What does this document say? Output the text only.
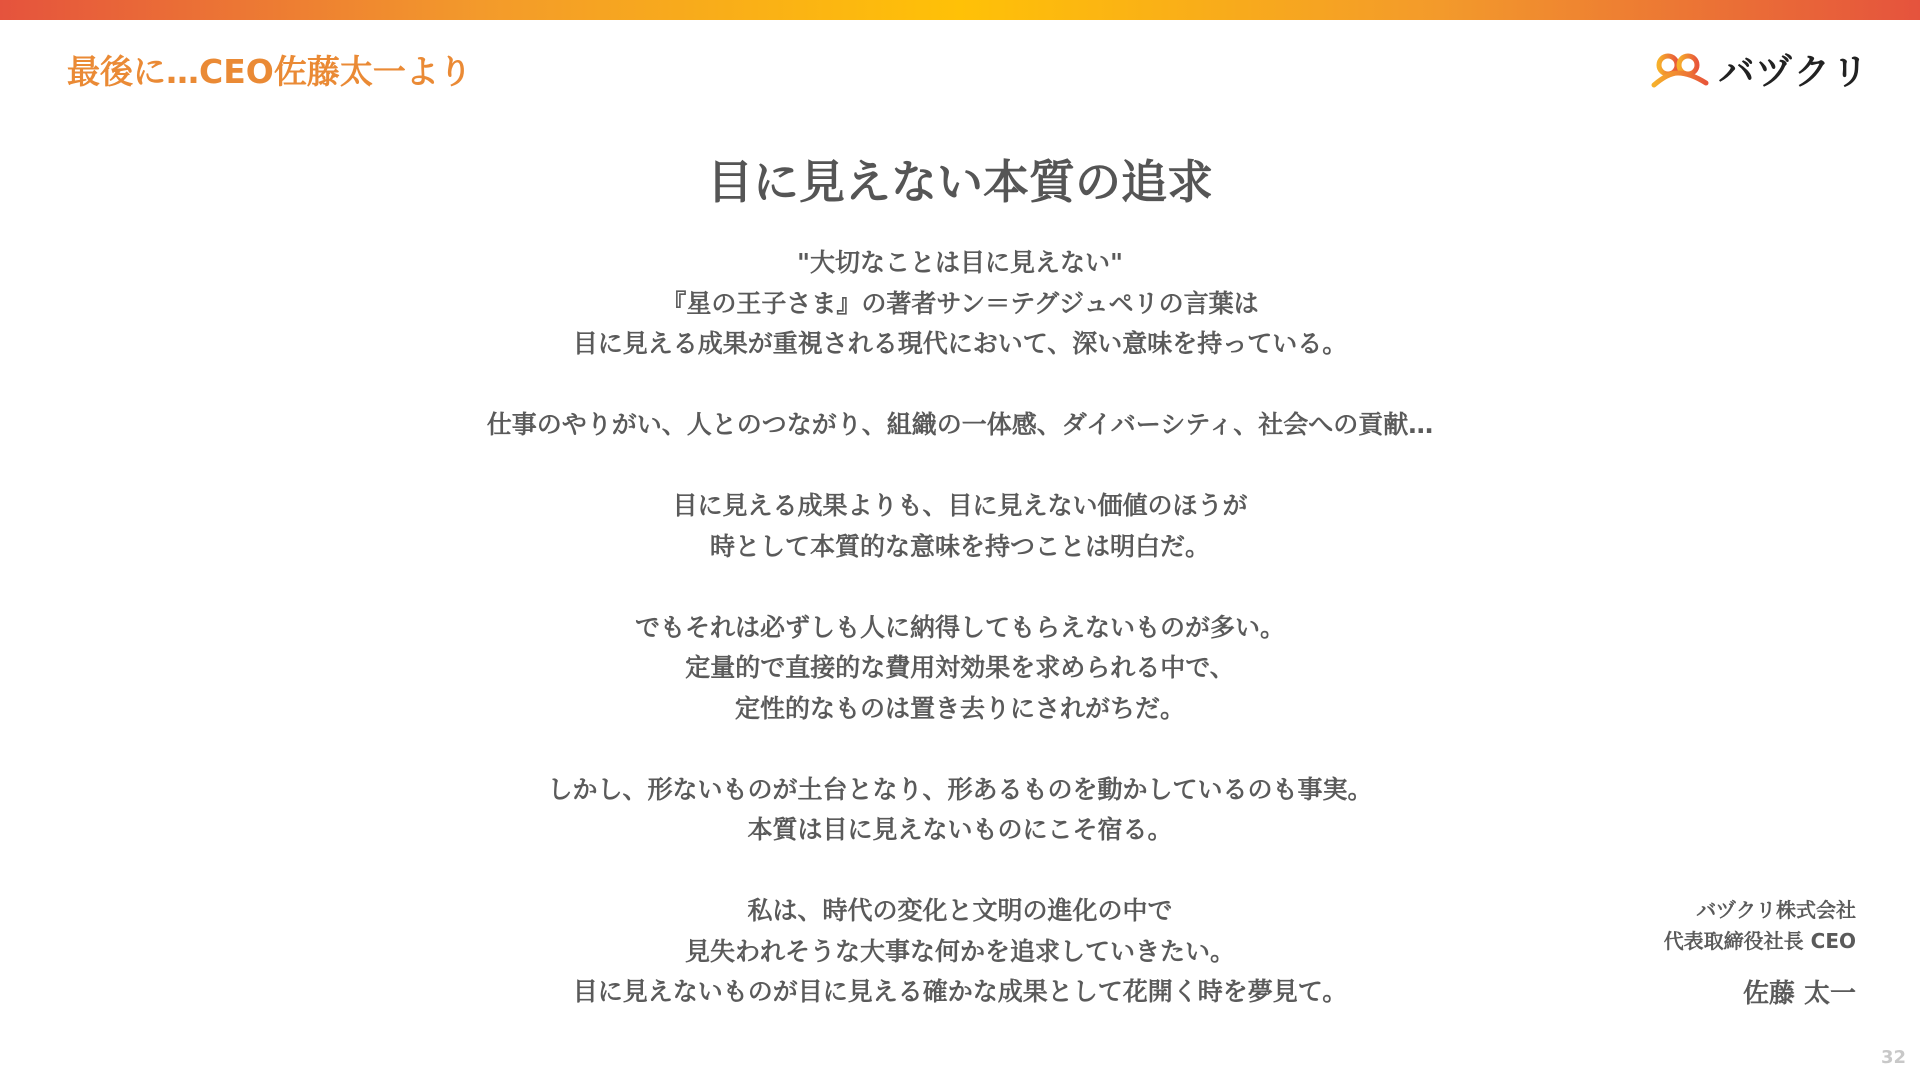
最後に…CEO佐藤太一より	バヅクリ
目に見えない本質の追求
"大切なことは目に見えない"
『星の王子さま』の著者サン＝テグジュペリの言葉は
目に見える成果が重視される現代において、深い意味を持っている。
仕事のやりがい、人とのつながり、組織の一体感、ダイバーシティ、社会への貢献…
目に見える成果よりも、目に見えない価値のほうが
時として本質的な意味を持つことは明白だ。
でもそれは必ずしも人に納得してもらえないものが多い。
定量的で直接的な費用対効果を求められる中で、
定性的なものは置き去りにされがちだ。
しかし、形ないものが土台となり、形あるものを動かしているのも事実。
本質は目に見えないものにこそ宿る。
私は、時代の変化と文明の進化の中で
見失われそうな大事な何かを追求していきたい。
目に見えないものが目に見える確かな成果として花開く時を夢見て。
バヅクリ株式会社
代表取締役社長 CEO
佐藤 太一
32
